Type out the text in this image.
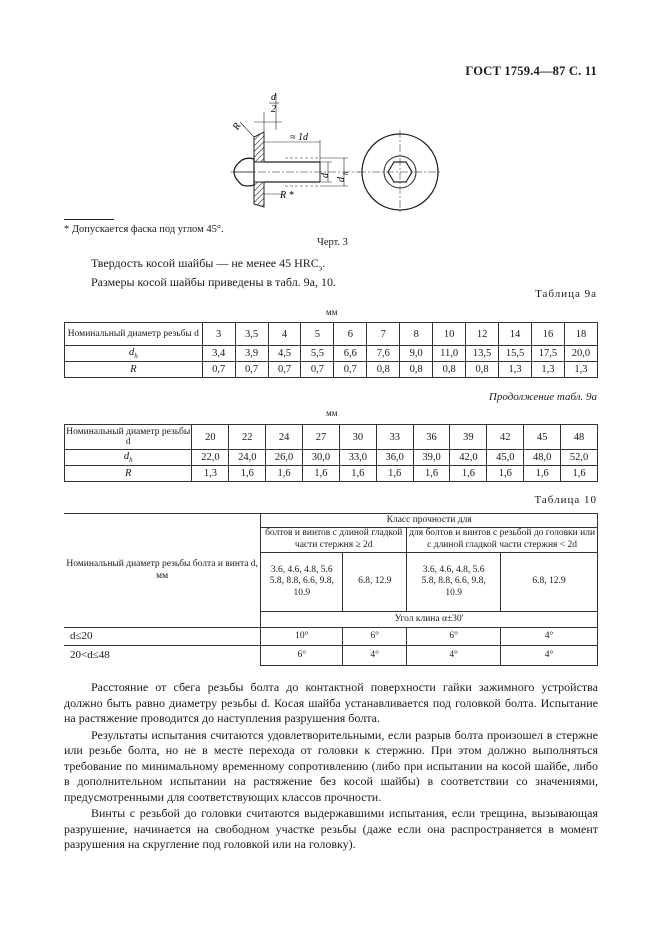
ГОСТ 1759.4—87 С. 11
d
2
R
≈ 1d
d
d
h
R *
* Допускается фаска под углом 45°.
Черт. 3
Твердость косой шайбы — не менее 45 $HRC_э$.
Размеры косой шайбы приведены в табл. 9а, 10.
Таблица 9а
мм
Номинальный диаметр резьбы d	3	3,5	4	5	6	7	8	10	12	14	16	18
$d_h$	3,4	3,9	4,5	5,5	6,6	7,6	9,0	11,0	13,5	15,5	17,5	20,0
R	0,7	0,7	0,7	0,7	0,7	0,8	0,8	0,8	0,8	1,3	1,3	1,3
Продолжение табл. 9а
мм
Номинальный диаметр резьбы d	20	22	24	27	30	33	36	39	42	45	48
$d_h$	22,0	24,0	26,0	30,0	33,0	36,0	39,0	42,0	45,0	48,0	52,0
R	1,3	1,6	1,6	1,6	1,6	1,6	1,6	1,6	1,6	1,6	1,6
Таблица 10
Номинальный диаметр резьбы болта и винта d, мм	Класс прочности для			
	болтов и винтов с длиной гладкой части стержня ≥ 2d		для болтов и винтов с резьбой до головки или с длиной гладкой части стержня < 2d	
	3.6, 4.6, 4.8, 5.6 5.8, 8.8, 6.6, 9.8, 10.9	6.8, 12.9	3.6, 4.6, 4.8, 5.6 5.8, 8.8, 6.6, 9.8, 10.9	6.8, 12.9
	Угол клина α±30′			
d≤20	10°	6°	6°	4°
20<d≤48	6°	4°	4°	4°

Расстояние от сбега резьбы болта до контактной поверхности гайки зажимного устройства должно быть равно диаметру резьбы d. Косая шайба устанавливается под головкой болта. Испытание на растяжение проводится до наступления разрушения болта.

Результаты испытания считаются удовлетворительными, если разрыв болта произошел в стержне или резьбе болта, но не в месте перехода от головки к стержню. При этом должно выполняться требование по минимальному временному сопротивлению (либо при испытании на косой шайбе, либо в дополнительном испытании на растяжение без косой шайбы) в соответствии со значениями, предусмотренными для соответствующих классов прочности.

Винты с резьбой до головки считаются выдержавшими испытания, если трещина, вызывающая разрушение, начинается на свободном участке резьбы (даже если она распространяется в момент разрушения на скругление под головкой или на головку).
